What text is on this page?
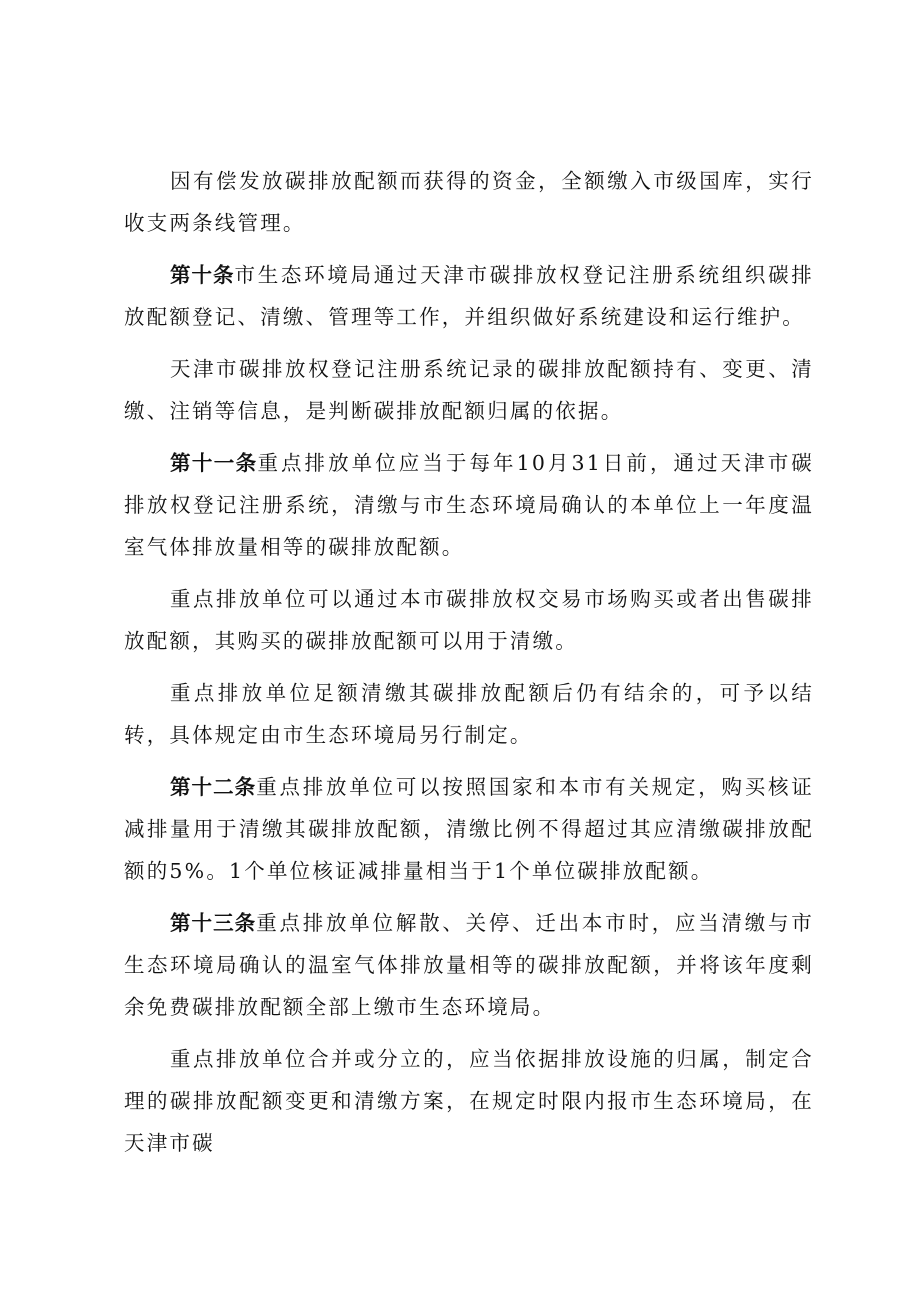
因有偿发放碳排放配额而获得的资金，全额缴入市级国库，实行收支两条线管理。

第十条市生态环境局通过天津市碳排放权登记注册系统组织碳排放配额登记、清缴、管理等工作，并组织做好系统建设和运行维护。

天津市碳排放权登记注册系统记录的碳排放配额持有、变更、清缴、注销等信息，是判断碳排放配额归属的依据。

第十一条重点排放单位应当于每年10月31日前，通过天津市碳排放权登记注册系统，清缴与市生态环境局确认的本单位上一年度温室气体排放量相等的碳排放配额。

重点排放单位可以通过本市碳排放权交易市场购买或者出售碳排放配额，其购买的碳排放配额可以用于清缴。

重点排放单位足额清缴其碳排放配额后仍有结余的，可予以结转，具体规定由市生态环境局另行制定。

第十二条重点排放单位可以按照国家和本市有关规定，购买核证减排量用于清缴其碳排放配额，清缴比例不得超过其应清缴碳排放配额的5%。1个单位核证减排量相当于1个单位碳排放配额。

第十三条重点排放单位解散、关停、迁出本市时，应当清缴与市生态环境局确认的温室气体排放量相等的碳排放配额，并将该年度剩余免费碳排放配额全部上缴市生态环境局。

重点排放单位合并或分立的，应当依据排放设施的归属，制定合理的碳排放配额变更和清缴方案，在规定时限内报市生态环境局，在天津市碳
